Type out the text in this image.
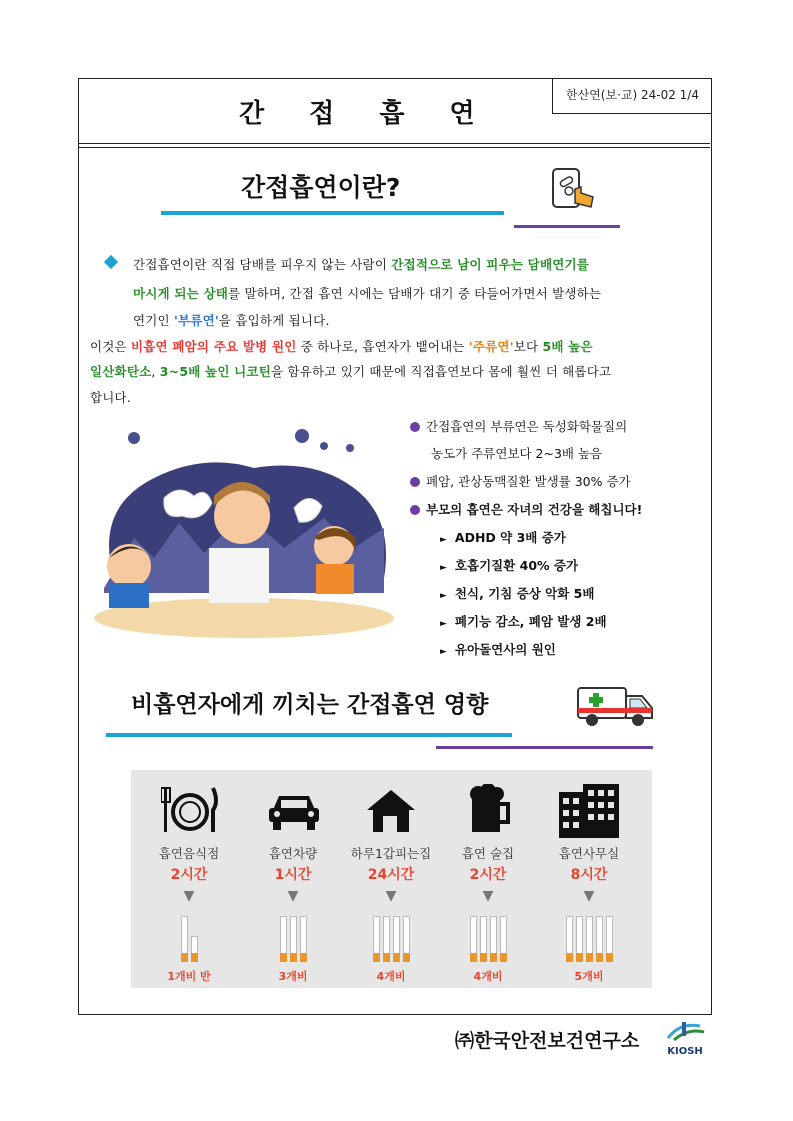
간 접 흡 연
한산연(보·교) 24-02 1/4
간접흡연이란?
간접흡연이란 직접 담배를 피우지 않는 사람이 간접적으로 남이 피우는 담배연기를
마시게 되는 상태를 말하며, 간접 흡연 시에는 담배가 대기 중 타들어가면서 발생하는
연기인 '부류연'을 흡입하게 됩니다.
이것은 비흡연 폐암의 주요 발병 원인 중 하나로, 흡연자가 뱉어내는 '주류연'보다 5배 높은
일산화탄소, 3~5배 높인 니코틴을 함유하고 있기 때문에 직접흡연보다 몸에 훨씬 더 해롭다고
합니다.
간접흡연의 부류연은 독성화학물질의
농도가 주류연보다 2~3배 높음
폐암, 관상동맥질환 발생률 30% 증가
부모의 흡연은 자녀의 건강을 해칩니다!
► ADHD 약 3배 증가
► 호흡기질환 40% 증가
► 천식, 기침 증상 악화 5배
► 폐기능 감소, 폐암 발생 2배
► 유아돌연사의 원인
비흡연자에게 끼치는 간접흡연 영향
흡연음식점
2시간
▼
1개비 반
흡연차량
1시간
▼
3개비
하루1갑피는집
24시간
▼
4개비
흡연 술집
2시간
▼
4개비
흡연사무실
8시간
▼
5개비
㈜한국안전보건연구소	KIOSH
